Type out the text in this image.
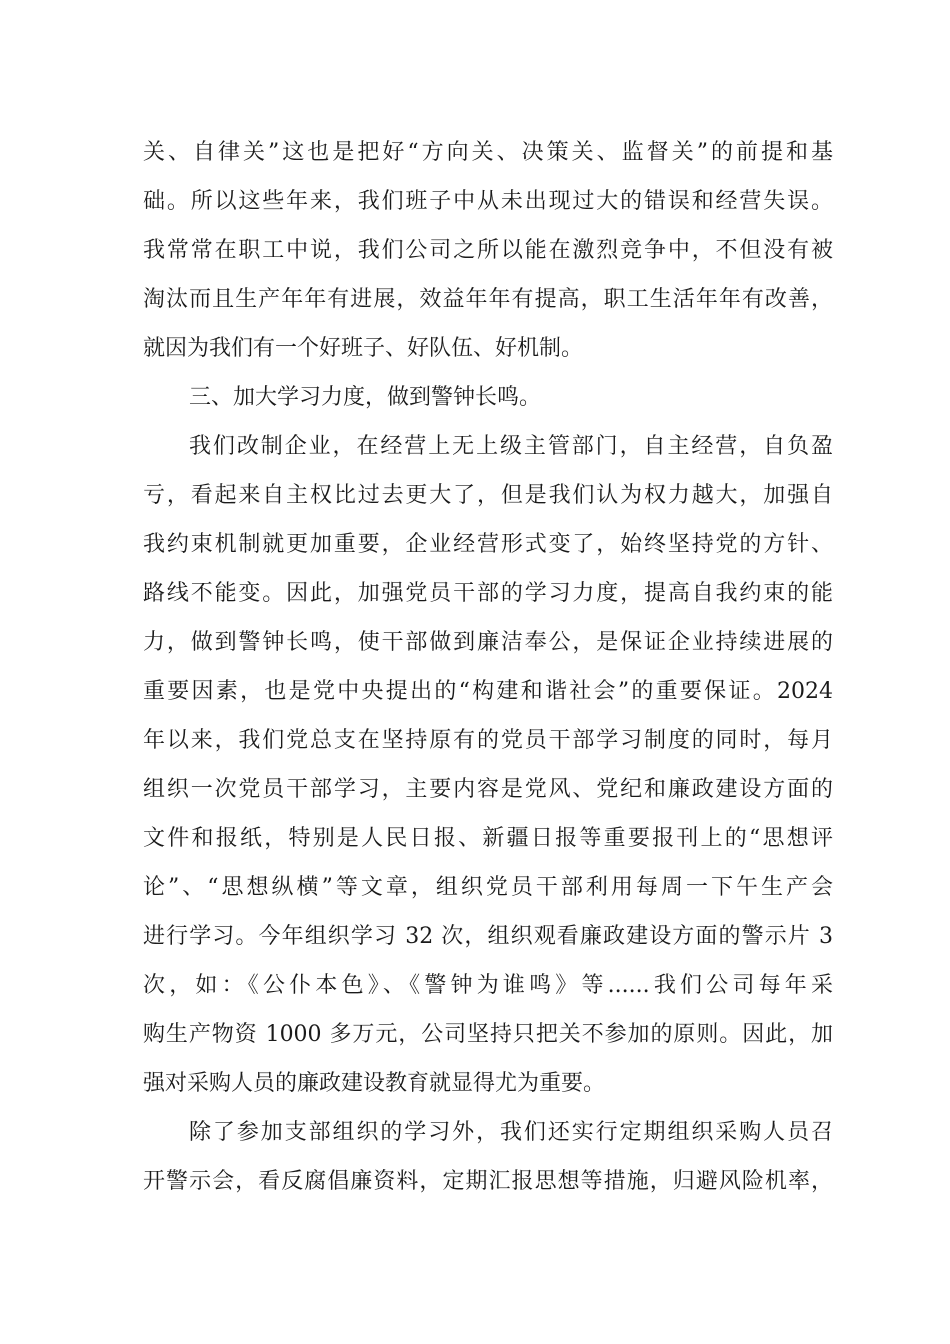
关、自律关”这也是把好“方向关、决策关、监督关”的前提和基
础。所以这些年来，我们班子中从未出现过大的错误和经营失误。
我常常在职工中说，我们公司之所以能在激烈竞争中，不但没有被
淘汰而且生产年年有进展，效益年年有提高，职工生活年年有改善，
就因为我们有一个好班子、好队伍、好机制。
三、加大学习力度，做到警钟长鸣。
我们改制企业，在经营上无上级主管部门，自主经营，自负盈
亏，看起来自主权比过去更大了，但是我们认为权力越大，加强自
我约束机制就更加重要，企业经营形式变了，始终坚持党的方针、
路线不能变。因此，加强党员干部的学习力度，提高自我约束的能
力，做到警钟长鸣，使干部做到廉洁奉公，是保证企业持续进展的
重要因素，也是党中央提出的“构建和谐社会”的重要保证。2024
年以来，我们党总支在坚持原有的党员干部学习制度的同时，每月
组织一次党员干部学习，主要内容是党风、党纪和廉政建设方面的
文件和报纸，特别是人民日报、新疆日报等重要报刊上的“思想评
论”、“思想纵横”等文章，组织党员干部利用每周一下午生产会
进行学习。今年组织学习 32 次，组织观看廉政建设方面的警示片 3
次，如：《公仆本色》、《警钟为谁鸣》等......我们公司每年采
购生产物资 1000 多万元，公司坚持只把关不参加的原则。因此，加
强对采购人员的廉政建设教育就显得尤为重要。
除了参加支部组织的学习外，我们还实行定期组织采购人员召
开警示会，看反腐倡廉资料，定期汇报思想等措施，归避风险机率，
